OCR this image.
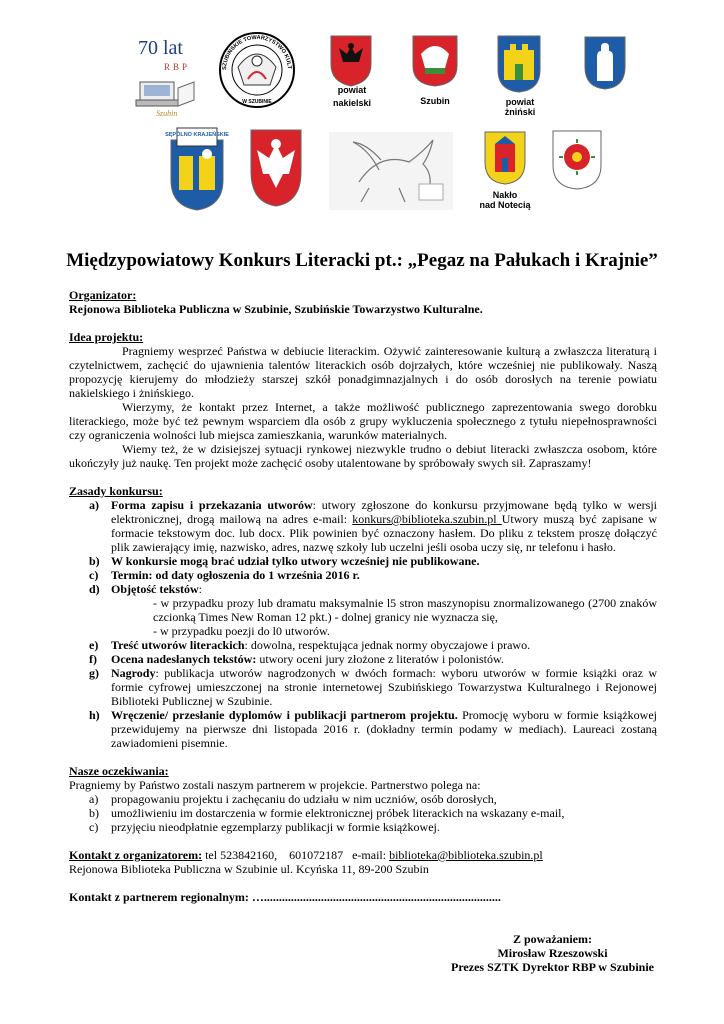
70 lat
RBP
Szubin
SZUBIŃSKIE TOWARZYSTWO KULT
W SZUBINIE
powiat
nakielski	Szubin	powiat
żniński
SĘPÓLNO KRAJEŃSKIE
Nakło
nad Notecią
Międzypowiatowy Konkurs Literacki pt.: „Pegaz na Pałukach i Krajnie”

Organizator:

Rejonowa Biblioteka Publiczna w Szubinie, Szubińskie Towarzystwo Kulturalne.

Idea projektu:

Pragniemy wesprzeć Państwa w debiucie literackim. Ożywić zainteresowanie kulturą a zwłaszcza literaturą i czytelnictwem, zachęcić do ujawnienia talentów literackich osób dojrzałych, które wcześniej nie publikowały. Naszą propozycję kierujemy do młodzieży starszej szkół ponadgimnazjalnych i do osób dorosłych na terenie powiatu nakielskiego i żnińskiego.

Wierzymy, że kontakt przez Internet, a także możliwość publicznego zaprezentowania swego dorobku literackiego, może być też pewnym wsparciem dla osób z grupy wykluczenia społecznego z tytułu niepełnosprawności czy ograniczenia wolności lub miejsca zamieszkania, warunków materialnych.

Wiemy też, że w dzisiejszej sytuacji rynkowej niezwykle trudno o debiut literacki zwłaszcza osobom, które ukończyły już naukę. Ten projekt może zachęcić osoby utalentowane by spróbowały swych sił. Zapraszamy!

Zasady konkursu:

a)	Forma zapisu i przekazania utworów: utwory zgłoszone do konkursu przyjmowane będą tylko w wersji elektronicznej, drogą mailową na adres e-mail: konkurs@biblioteka.szubin.pl Utwory muszą być zapisane w formacie tekstowym doc. lub docx. Plik powinien być oznaczony hasłem. Do pliku z tekstem proszę dołączyć plik zawierający imię, nazwisko, adres, nazwę szkoły lub uczelni jeśli osoba uczy się, nr telefonu i hasło.
b) W konkursie mogą brać udział tylko utwory wcześniej nie publikowane.
c)	Termin: od daty ogłoszenia do 1 września 2016 r.
d) Objętość tekstów:

- w przypadku prozy lub dramatu maksymalnie l5 stron maszynopisu znormalizowanego (2700 znaków czcionką Times New Roman 12 pkt.) - dolnej granicy nie wyznacza się,

- w przypadku poezji do l0 utworów.

e)	Treść utworów literackich: dowolna, respektująca jednak normy obyczajowe i prawo.
f)	Ocena nadesłanych tekstów: utwory oceni jury złożone z literatów i polonistów.
g)	Nagrody: publikacja utworów nagrodzonych w dwóch formach: wyboru utworów w formie książki oraz w formie cyfrowej umieszczonej na stronie internetowej Szubińskiego Towarzystwa Kulturalnego i Rejonowej Biblioteki Publicznej w Szubinie.
h) Wręczenie/ przesłanie dyplomów i publikacji partnerom projektu. Promocję wyboru w formie książkowej przewidujemy na pierwsze dni listopada 2016 r. (dokładny termin podamy w mediach). Laureaci zostaną zawiadomieni pisemnie.

Nasze oczekiwania:

Pragniemy by Państwo zostali naszym partnerem w projekcie. Partnerstwo polega na:

a)	propagowaniu projektu i zachęcaniu do udziału w nim uczniów, osób dorosłych,
b)	umożliwieniu im dostarczenia w formie elektronicznej próbek literackich na wskazany e-mail,
c)	przyjęciu nieodpłatnie egzemplarzy publikacji w formie książkowej.

Kontakt z organizatorem: tel 523842160,    601072187   e-mail: biblioteka@biblioteka.szubin.pl

Rejonowa Biblioteka Publiczna w Szubinie ul. Kcyńska 11, 89-200 Szubin

Kontakt z partnerem regionalnym: …...............................................................................

Z poważaniem:

Mirosław Rzeszowski

Prezes SZTK Dyrektor RBP w Szubinie
